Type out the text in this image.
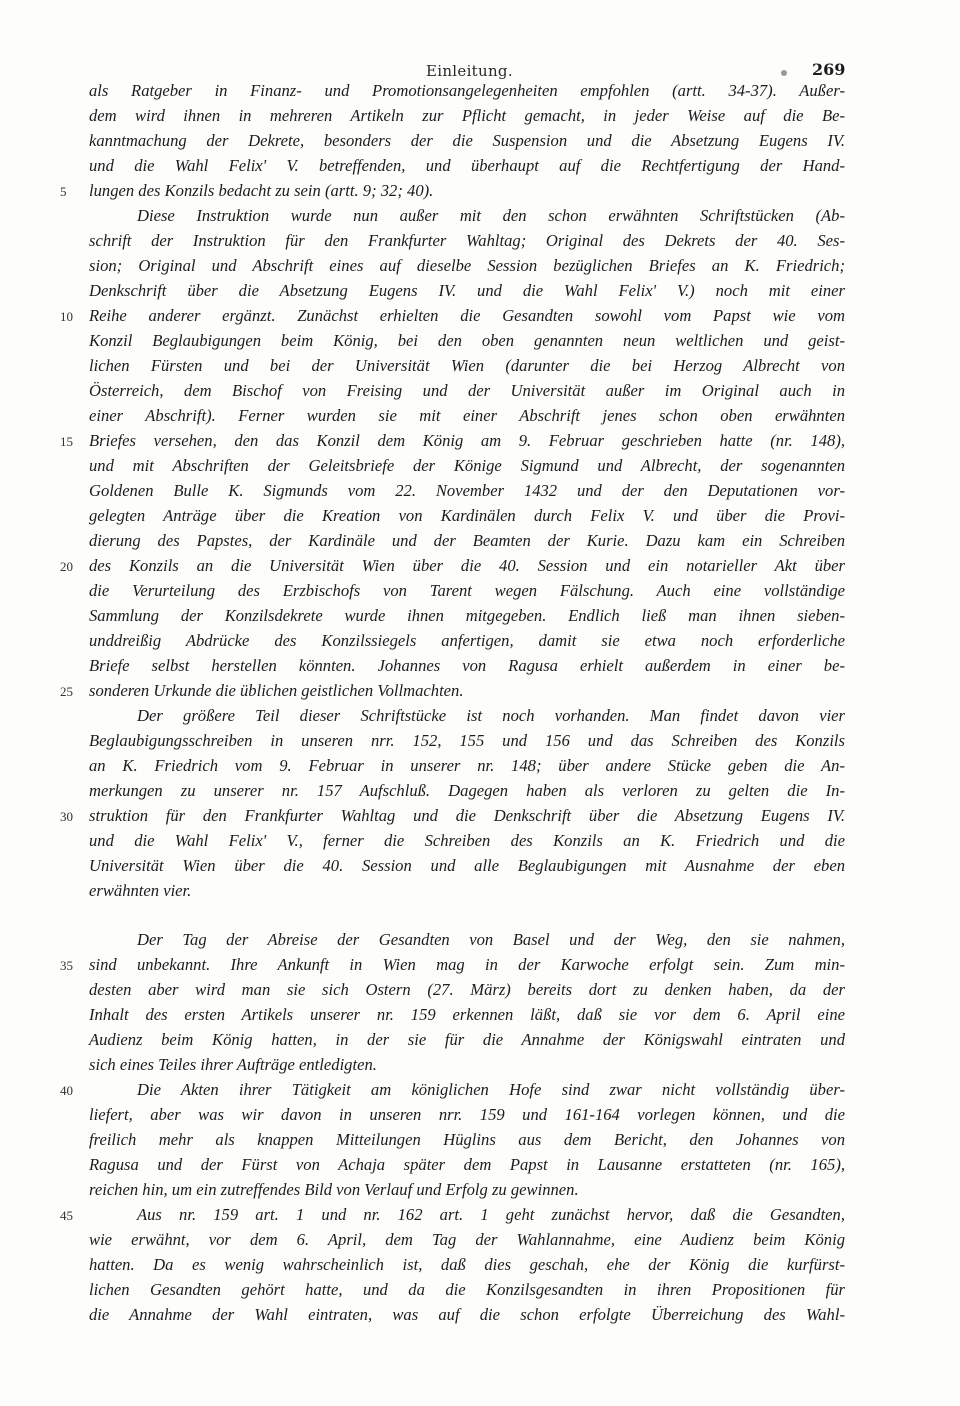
Einleitung.	269
als Ratgeber in Finanz- und Promotionsangelegenheiten empfohlen (artt. 34-37). Außer-
dem wird ihnen in mehreren Artikeln zur Pflicht gemacht, in jeder Weise auf die Be-
kanntmachung der Dekrete, besonders der die Suspension und die Absetzung Eugens IV.
und die Wahl Felix' V. betreffenden, und überhaupt auf die Rechtfertigung der Hand-
lungen des Konzils bedacht zu sein (artt. 9; 32; 40).
5
Diese Instruktion wurde nun außer mit den schon erwähnten Schriftstücken (Ab-
schrift der Instruktion für den Frankfurter Wahltag; Original des Dekrets der 40. Ses-
sion; Original und Abschrift eines auf dieselbe Session bezüglichen Briefes an K. Friedrich;
Denkschrift über die Absetzung Eugens IV. und die Wahl Felix' V.) noch mit einer
Reihe anderer ergänzt. Zunächst erhielten die Gesandten sowohl vom Papst wie vom
10
Konzil Beglaubigungen beim König, bei den oben genannten neun weltlichen und geist-
lichen Fürsten und bei der Universität Wien (darunter die bei Herzog Albrecht von
Österreich, dem Bischof von Freising und der Universität außer im Original auch in
einer Abschrift). Ferner wurden sie mit einer Abschrift jenes schon oben erwähnten
Briefes versehen, den das Konzil dem König am 9. Februar geschrieben hatte (nr. 148),
15
und mit Abschriften der Geleitsbriefe der Könige Sigmund und Albrecht, der sogenannten
Goldenen Bulle K. Sigmunds vom 22. November 1432 und der den Deputationen vor-
gelegten Anträge über die Kreation von Kardinälen durch Felix V. und über die Provi-
dierung des Papstes, der Kardinäle und der Beamten der Kurie. Dazu kam ein Schreiben
des Konzils an die Universität Wien über die 40. Session und ein notarieller Akt über
20
die Verurteilung des Erzbischofs von Tarent wegen Fälschung. Auch eine vollständige
Sammlung der Konzilsdekrete wurde ihnen mitgegeben. Endlich ließ man ihnen sieben-
unddreißig Abdrücke des Konzilssiegels anfertigen, damit sie etwa noch erforderliche
Briefe selbst herstellen könnten. Johannes von Ragusa erhielt außerdem in einer be-
sonderen Urkunde die üblichen geistlichen Vollmachten.
25
Der größere Teil dieser Schriftstücke ist noch vorhanden. Man findet davon vier
Beglaubigungsschreiben in unseren nrr. 152, 155 und 156 und das Schreiben des Konzils
an K. Friedrich vom 9. Februar in unserer nr. 148; über andere Stücke geben die An-
merkungen zu unserer nr. 157 Aufschluß. Dagegen haben als verloren zu gelten die In-
struktion für den Frankfurter Wahltag und die Denkschrift über die Absetzung Eugens IV.
30
und die Wahl Felix' V., ferner die Schreiben des Konzils an K. Friedrich und die
Universität Wien über die 40. Session und alle Beglaubigungen mit Ausnahme der eben
erwähnten vier.
Der Tag der Abreise der Gesandten von Basel und der Weg, den sie nahmen,
sind unbekannt. Ihre Ankunft in Wien mag in der Karwoche erfolgt sein. Zum min-
35
desten aber wird man sie sich Ostern (27. März) bereits dort zu denken haben, da der
Inhalt des ersten Artikels unserer nr. 159 erkennen läßt, daß sie vor dem 6. April eine
Audienz beim König hatten, in der sie für die Annahme der Königswahl eintraten und
sich eines Teiles ihrer Aufträge entledigten.
Die Akten ihrer Tätigkeit am königlichen Hofe sind zwar nicht vollständig über-
40
liefert, aber was wir davon in unseren nrr. 159 und 161-164 vorlegen können, und die
freilich mehr als knappen Mitteilungen Hüglins aus dem Bericht, den Johannes von
Ragusa und der Fürst von Achaja später dem Papst in Lausanne erstatteten (nr. 165),
reichen hin, um ein zutreffendes Bild von Verlauf und Erfolg zu gewinnen.
Aus nr. 159 art. 1 und nr. 162 art. 1 geht zunächst hervor, daß die Gesandten,
45
wie erwähnt, vor dem 6. April, dem Tag der Wahlannahme, eine Audienz beim König
hatten. Da es wenig wahrscheinlich ist, daß dies geschah, ehe der König die kurfürst-
lichen Gesandten gehört hatte, und da die Konzilsgesandten in ihren Propositionen für
die Annahme der Wahl eintraten, was auf die schon erfolgte Überreichung des Wahl-
